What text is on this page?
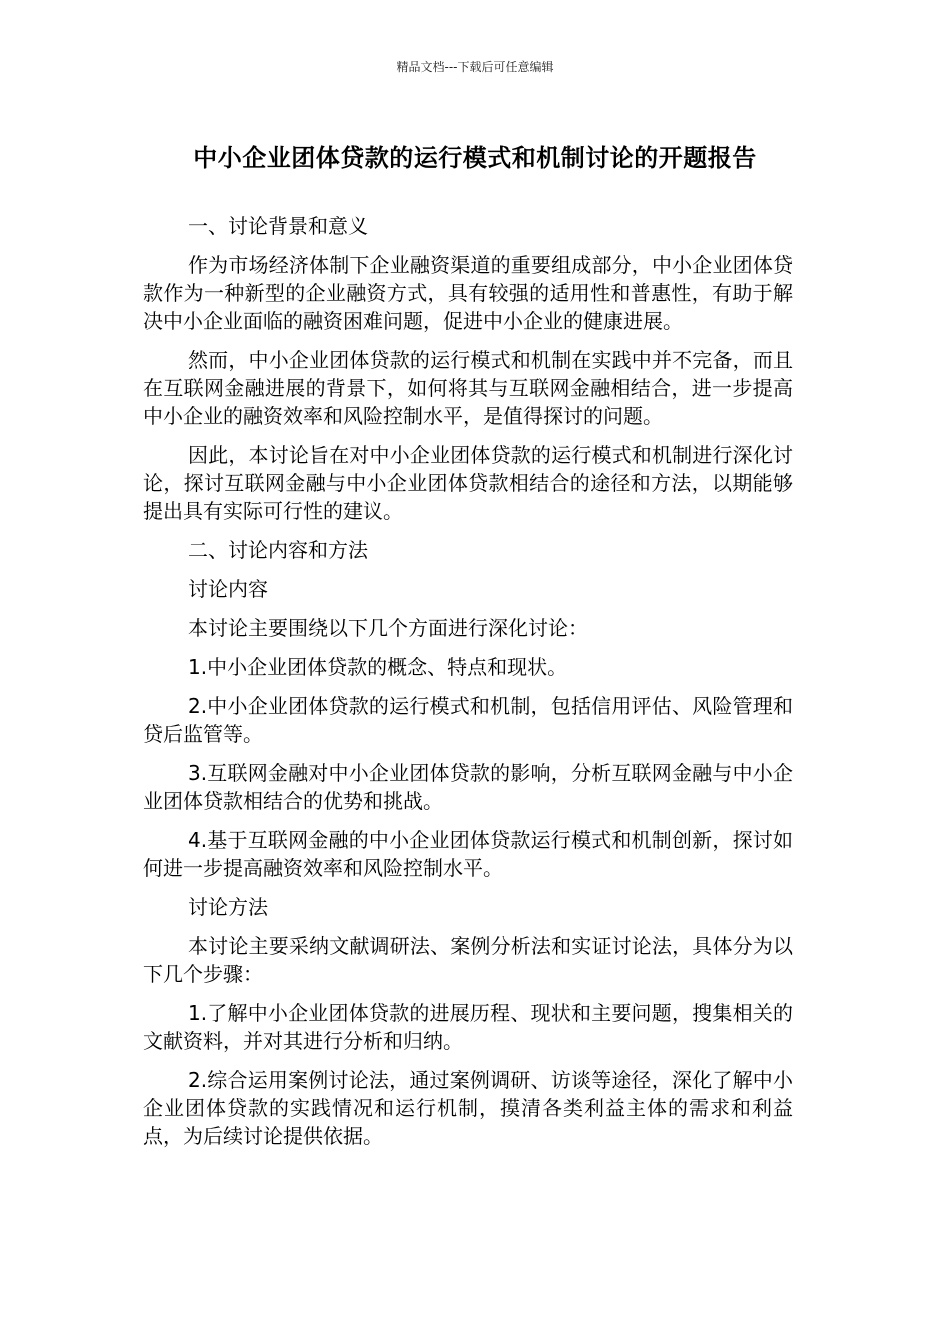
精品文档---下载后可任意编辑
中小企业团体贷款的运行模式和机制讨论的开题报告

一、讨论背景和意义

作为市场经济体制下企业融资渠道的重要组成部分，中小企业团体贷款作为一种新型的企业融资方式，具有较强的适用性和普惠性，有助于解决中小企业面临的融资困难问题，促进中小企业的健康进展。

然而，中小企业团体贷款的运行模式和机制在实践中并不完备，而且在互联网金融进展的背景下，如何将其与互联网金融相结合，进一步提高中小企业的融资效率和风险控制水平，是值得探讨的问题。

因此，本讨论旨在对中小企业团体贷款的运行模式和机制进行深化讨论，探讨互联网金融与中小企业团体贷款相结合的途径和方法，以期能够提出具有实际可行性的建议。

二、讨论内容和方法

讨论内容

本讨论主要围绕以下几个方面进行深化讨论：

1.中小企业团体贷款的概念、特点和现状。

2.中小企业团体贷款的运行模式和机制，包括信用评估、风险管理和贷后监管等。

3.互联网金融对中小企业团体贷款的影响，分析互联网金融与中小企业团体贷款相结合的优势和挑战。

4.基于互联网金融的中小企业团体贷款运行模式和机制创新，探讨如何进一步提高融资效率和风险控制水平。

讨论方法

本讨论主要采纳文献调研法、案例分析法和实证讨论法，具体分为以下几个步骤：

1.了解中小企业团体贷款的进展历程、现状和主要问题，搜集相关的文献资料，并对其进行分析和归纳。

2.综合运用案例讨论法，通过案例调研、访谈等途径，深化了解中小企业团体贷款的实践情况和运行机制，摸清各类利益主体的需求和利益点，为后续讨论提供依据。
